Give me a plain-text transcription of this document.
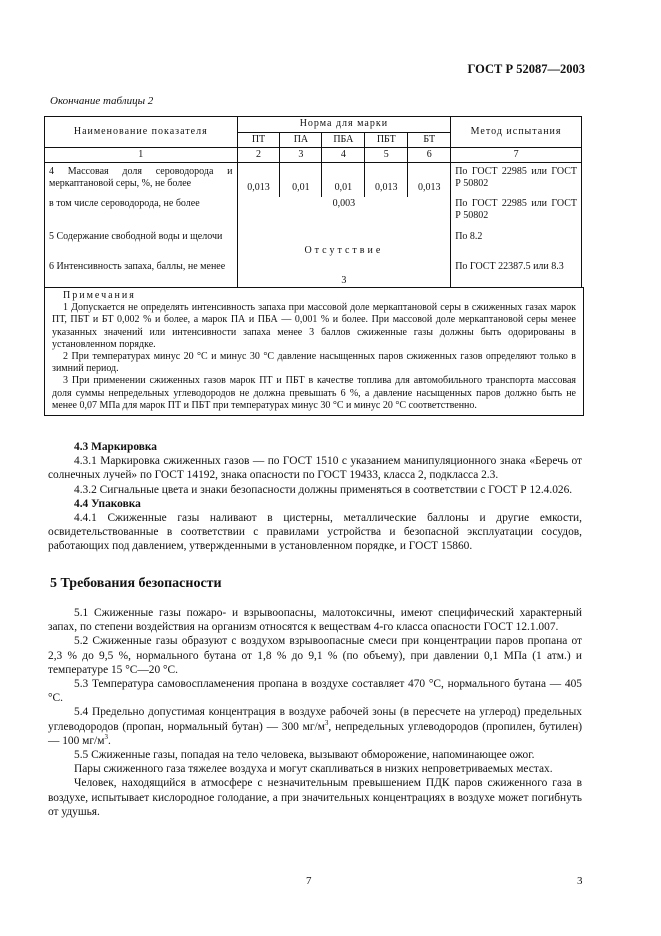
ГОСТ Р 52087—2003
Окончание таблицы 2
Наименование показателя	Норма для марки					Метод испытания
	ПТ	ПА	ПБА	ПБТ	БТ	
1	2	3	4	5	6	7
4 Массовая доля сероводорода и меркаптановой серы, %, не более	0,013	0,01	0,01	0,013	0,013	По ГОСТ 22985 или ГОСТ Р 50802
в том числе сероводорода, не более	0,003					По ГОСТ 22985 или ГОСТ Р 50802
5 Содержание свободной воды и щелочи	Отсутствие					По 8.2
6 Интенсивность запаха, баллы, не менее	3					По ГОСТ 22387.5 или 8.3

Примечания

1 Допускается не определять интенсивность запаха при массовой доле меркаптановой серы в сжиженных газах марок ПТ, ПБТ и БТ 0,002 % и более, а марок ПА и ПБА — 0,001 % и более. При массовой доле меркаптановой серы менее указанных значений или интенсивности запаха менее 3 баллов сжиженные газы должны быть одорированы в установленном порядке.

2 При температурах минус 20 °С и минус 30 °С давление насыщенных паров сжиженных газов определяют только в зимний период.

3 При применении сжиженных газов марок ПТ и ПБТ в качестве топлива для автомобильного транспорта массовая доля суммы непредельных углеводородов не должна превышать 6 %, а давление насыщенных паров должно быть не менее 0,07 МПа для марок ПТ и ПБТ при температурах минус 30 °С и минус 20 °С соответственно.

4.3 Маркировка

4.3.1 Маркировка сжиженных газов — по ГОСТ 1510 с указанием манипуляционного знака «Беречь от солнечных лучей» по ГОСТ 14192, знака опасности по ГОСТ 19433, класса 2, подкласса 2.3.

4.3.2 Сигнальные цвета и знаки безопасности должны применяться в соответствии с ГОСТ Р 12.4.026.

4.4 Упаковка

4.4.1 Сжиженные газы наливают в цистерны, металлические баллоны и другие емкости, освидетельствованные в соответствии с правилами устройства и безопасной эксплуатации сосудов, работающих под давлением, утвержденными в установленном порядке, и ГОСТ 15860.

5 Требования безопасности

5.1 Сжиженные газы пожаро- и взрывоопасны, малотоксичны, имеют специфический характерный запах, по степени воздействия на организм относятся к веществам 4-го класса опасности ГОСТ 12.1.007.

5.2 Сжиженные газы образуют с воздухом взрывоопасные смеси при концентрации паров пропана от 2,3 % до 9,5 %, нормального бутана от 1,8 % до 9,1 % (по объему), при давлении 0,1 МПа (1 атм.) и температуре 15 °С—20 °С.

5.3 Температура самовоспламенения пропана в воздухе составляет 470 °С, нормального бутана — 405 °С.

5.4 Предельно допустимая концентрация в воздухе рабочей зоны (в пересчете на углерод) предельных углеводородов (пропан, нормальный бутан) — 300 $мг/м^3$, непредельных углеводородов (пропилен, бутилен) — 100 $мг/м^3$.

5.5 Сжиженные газы, попадая на тело человека, вызывают обморожение, напоминающее ожог.

Пары сжиженного газа тяжелее воздуха и могут скапливаться в низких непроветриваемых местах.

Человек, находящийся в атмосфере с незначительным превышением ПДК паров сжиженного газа в воздухе, испытывает кислородное голодание, а при значительных концентрациях в воздухе может погибнуть от удушья.

7	3
